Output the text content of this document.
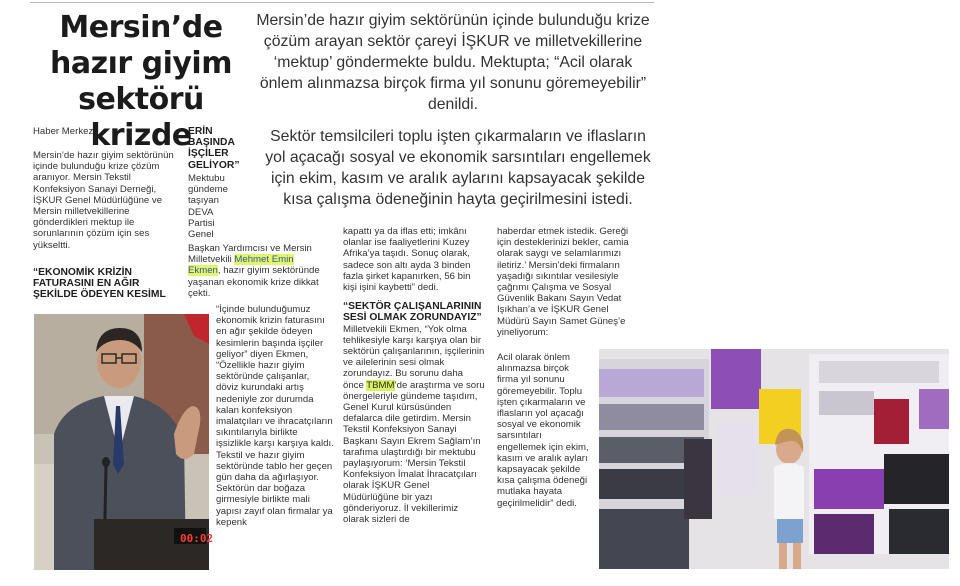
Mersin’de
hazır giyim
sektörü krizde

Mersin’de hazır giyim sektörünün içinde bulunduğu krize çözüm arayan sektör çareyi İŞKUR ve milletvekillerine ‘mektup’ göndermekte buldu. Mektupta; “Acil olarak önlem alınmazsa birçok firma yıl sonunu göremeyebilir” denildi.

Sektör temsilcileri toplu işten çıkarmaların ve iflasların yol açacağı sosyal ve ekonomik sarsıntıları engellemek için ekim, kasım ve aralık aylarını kapsayacak şekilde kısa çalışma ödeneğinin hayta geçirilmesini istedi.
Haber Merkez

Mersin’de hazır giyim sektörünün içinde bulunduğu krize çözüm aranıyor. Mersin Tekstil Konfeksiyon Sanayi Derneği, İŞKUR Genel Müdürlüğüne ve Mersin milletvekillerine gönderdikleri mektup ile sorunlarının çözüm için ses yükseltti.

“EKONOMİK KRİZİN FATURASINI EN AĞIR ŞEKİLDE ÖDEYEN KESİML
ERİN BAŞINDA İŞÇİLER GELİYOR”

Mektubu

gündeme

taşıyan

DEVA

Partisi

Genel

Başkan Yardımcısı ve Mersin Milletvekili Mehmet Emin Ekmen, hazır giyim sektöründe yaşanan ekonomik krize dikkat çekti.
“İçinde bulunduğumuz ekonomik krizin faturasını en ağır şekilde ödeyen kesimlerin başında işçiler geliyor” diyen Ekmen, “Özellikle hazır giyim sektöründe çalışanlar, döviz kurundaki artış nedeniyle zor durumda kalan konfeksiyon imalatçıları ve ihracatçıların sıkıntılarıyla birlikte işsizlikle karşı karşıya kaldı. Tekstil ve hazır giyim sektöründe tablo her geçen gün daha da ağırlaşıyor. Sektörün dar boğaza girmesiyle birlikte mali yapısı zayıf olan firmalar ya kepenk

kapattı ya da iflas etti; imkânı olanlar ise faaliyetlerini Kuzey Afrika’ya taşıdı. Sonuç olarak, sadece son altı ayda 3 binden fazla şirket kapanırken, 56 bin kişi işini kaybetti” dedi.

“SEKTÖR ÇALIŞANLARININ SESİ OLMAK ZORUNDAYIZ”

Milletvekili Ekmen, “Yok olma tehlikesiyle karşı karşıya olan bir sektörün çalışanlarının, işçilerinin ve ailelerinin sesi olmak zorundayız. Bu sorunu daha önce TBMM’de araştırma ve soru önergeleriyle gündeme taşıdım, Genel Kurul kürsüsünden defalarca dile getirdim. Mersin Tekstil Konfeksiyon Sanayi Başkanı Sayın Ekrem Sağlam’ın tarafıma ulaştırdığı bir mektubu paylaşıyorum: ‘Mersin Tekstil Konfeksiyon İmalat İhracatçıları olarak İŞKUR Genel Müdürlüğüne bir yazı gönderiyoruz. İl vekillerimiz olarak sizleri de

haberdar etmek istedik. Gereği için desteklerinizi bekler, camia olarak saygı ve selamlarımızı iletiriz.’ Mersin’deki firmaların yaşadığı sıkıntılar vesilesiyle çağrımı Çalışma ve Sosyal Güvenlik Bakanı Sayın Vedat Işıkhan’a ve İŞKUR Genel Müdürü Sayın Samet Güneş’e yineliyorum:
Acil olarak önlem alınmazsa birçok firma yıl sonunu göremeyebilir. Toplu işten çıkarmaların ve iflasların yol açacağı sosyal ve ekonomik sarsıntıları engellemek için ekim, kasım ve aralık ayları kapsayacak şekilde kısa çalışma ödeneği mutlaka hayata geçirilmelidir” dedi.
00:02
